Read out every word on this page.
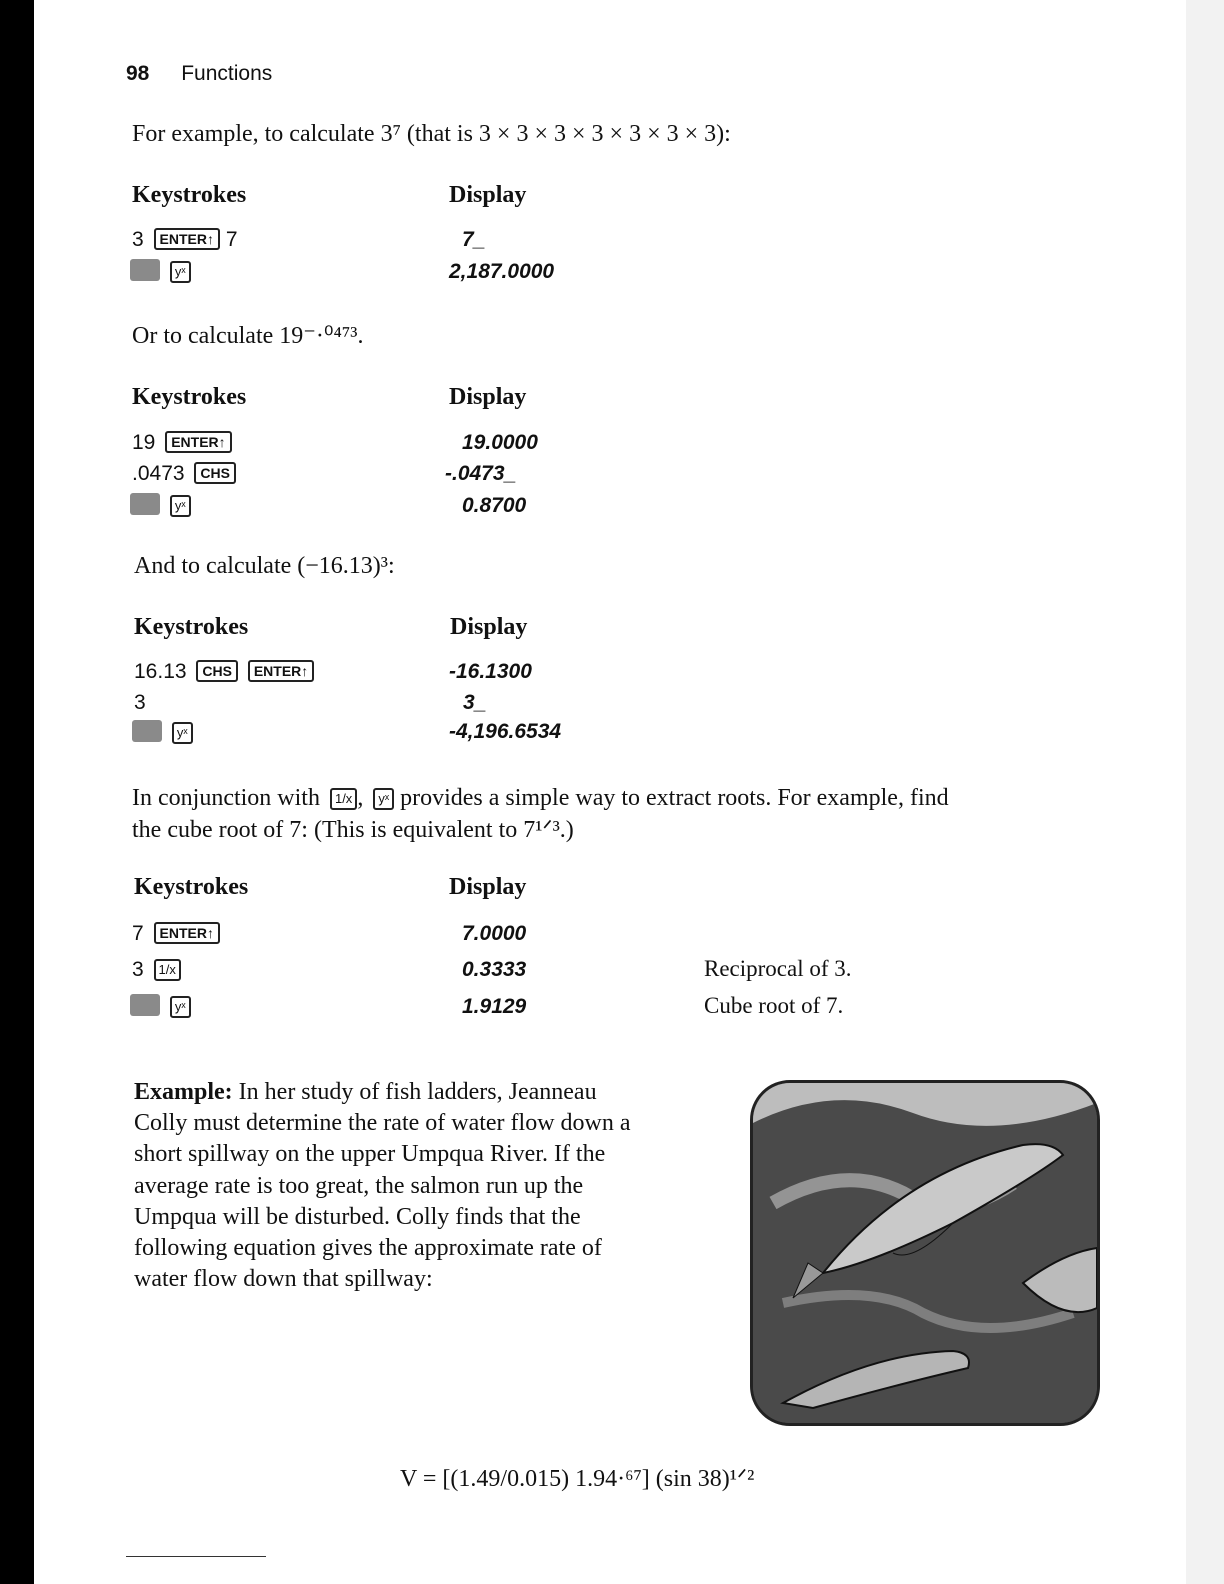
98 Functions
For example, to calculate 3⁷ (that is 3 × 3 × 3 × 3 × 3 × 3 × 3):
Keystrokes	Display
3 ENTER↑ 7	7_
yˣ	2,187.0000
Or to calculate 19⁻·⁰⁴⁷³.
Keystrokes	Display
19 ENTER↑	19.0000
.0473 CHS	-.0473_
yˣ	0.8700
And to calculate (−16.13)³:
Keystrokes	Display
16.13 CHS ENTER↑	-16.1300
3	3_
yˣ	-4,196.6534
In conjunction with 1/x , yˣ provides a simple way to extract roots. For example, find
the cube root of 7: (This is equivalent to 7¹ᐟ³.)
Keystrokes	Display
7 ENTER↑	7.0000
3 1/x	0.3333	Reciprocal of 3.
yˣ	1.9129	Cube root of 7.
Example: In her study of fish ladders, Jeanneau
Colly must determine the rate of water flow down a
short spillway on the upper Umpqua River. If the
average rate is too great, the salmon run up the
Umpqua will be disturbed. Colly finds that the
following equation gives the approximate rate of
water flow down that spillway:
V = [(1.49/0.015) 1.94·⁶⁷] (sin 38)¹ᐟ²
